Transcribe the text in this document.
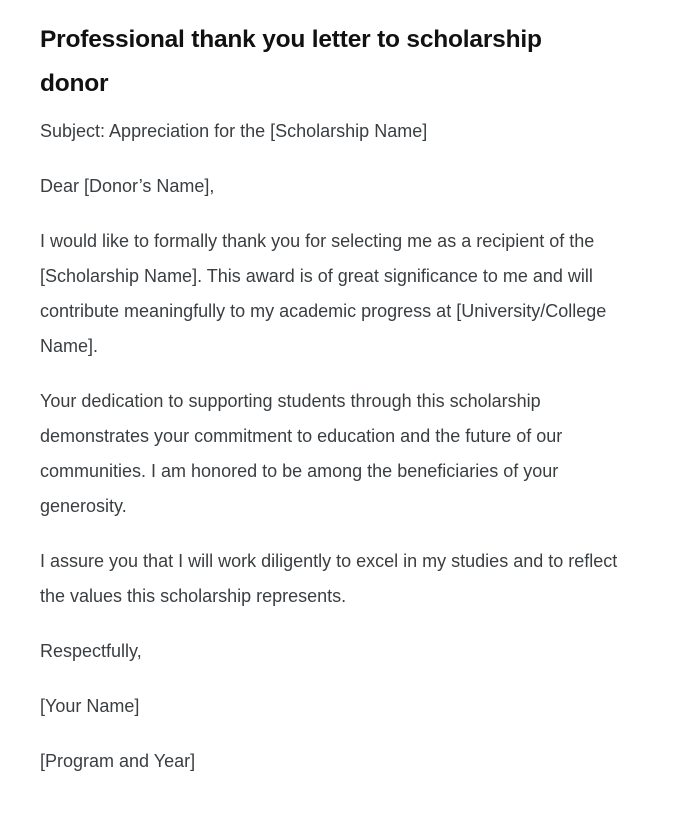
Professional thank you letter to scholarship donor

Subject: Appreciation for the [Scholarship Name]

Dear [Donor’s Name],

I would like to formally thank you for selecting me as a recipient of the [Scholarship Name]. This award is of great significance to me and will contribute meaningfully to my academic progress at [University/College Name].

Your dedication to supporting students through this scholarship demonstrates your commitment to education and the future of our communities. I am honored to be among the beneficiaries of your generosity.

I assure you that I will work diligently to excel in my studies and to reflect the values this scholarship represents.

Respectfully,

[Your Name]

[Program and Year]
